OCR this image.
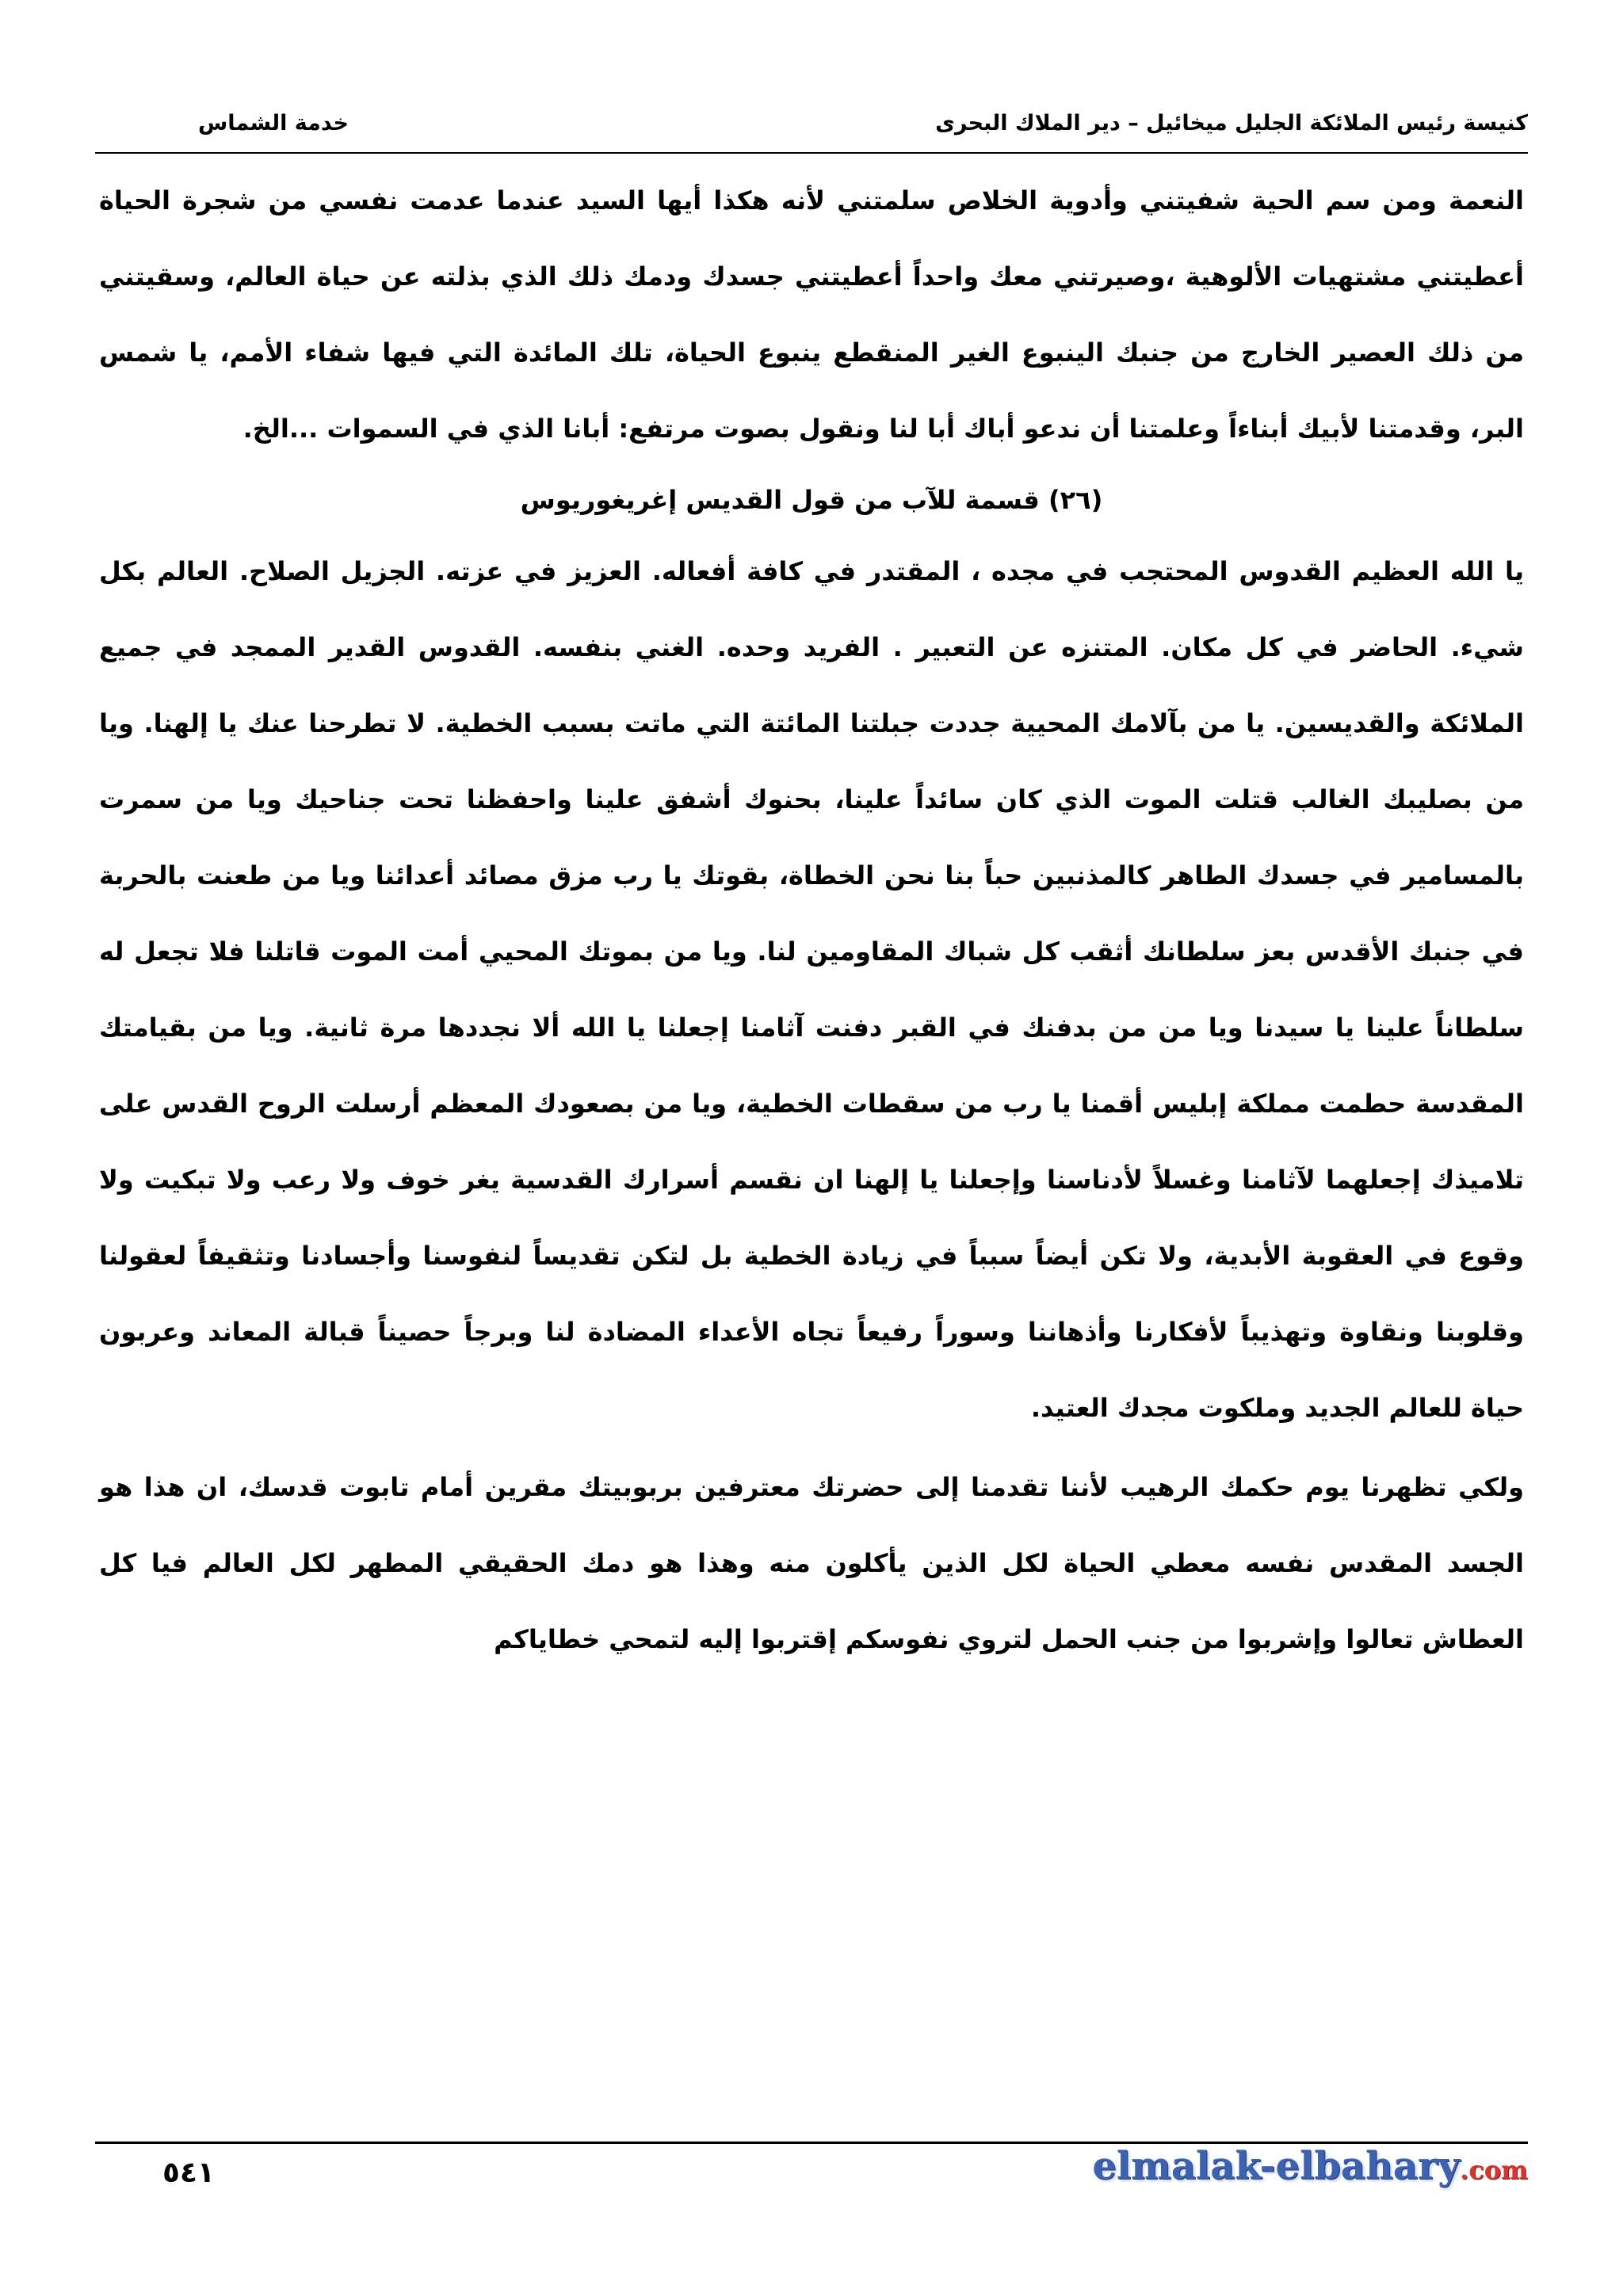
كنيسة رئيس الملائكة الجليل ميخائيل – دير الملاك البحرى
خدمة الشماس

النعمة ومن سم الحية شفيتني وأدوية الخلاص سلمتني لأنه هكذا أيها السيد عندما عدمت نفسي من شجرة الحياة أعطيتني مشتهيات الألوهية ،وصيرتني معك واحداً أعطيتني جسدك ودمك ذلك الذي بذلته عن حياة العالم، وسقيتني من ذلك العصير الخارج من جنبك الينبوع الغير المنقطع ينبوع الحياة، تلك المائدة التي فيها شفاء الأمم، يا شمس البر، وقدمتنا لأبيك أبناءاً وعلمتنا أن ندعو أباك أبا لنا ونقول بصوت مرتفع: أبانا الذي في السموات ...الخ.

(٢٦) قسمة للآب من قول القديس إغريغوريوس

يا الله العظيم القدوس المحتجب في مجده ، المقتدر في كافة أفعاله. العزيز في عزته. الجزيل الصلاح. العالم بكل شيء. الحاضر في كل مكان. المتنزه عن التعبير . الفريد وحده. الغني بنفسه. القدوس القدير الممجد في جميع الملائكة والقديسين. يا من بآلامك المحيية جددت جبلتنا المائتة التي ماتت بسبب الخطية. لا تطرحنا عنك يا إلهنا. ويا من بصليبك الغالب قتلت الموت الذي كان سائداً علينا، بحنوك أشفق علينا واحفظنا تحت جناحيك ويا من سمرت بالمسامير في جسدك الطاهر كالمذنبين حباً بنا نحن الخطاة، بقوتك يا رب مزق مصائد أعدائنا ويا من طعنت بالحربة في جنبك الأقدس بعز سلطانك أثقب كل شباك المقاومين لنا. ويا من بموتك المحيي أمت الموت قاتلنا فلا تجعل له سلطاناً علينا يا سيدنا ويا من من بدفنك في القبر دفنت آثامنا إجعلنا يا الله ألا نجددها مرة ثانية. ويا من بقيامتك المقدسة حطمت مملكة إبليس أقمنا يا رب من سقطات الخطية، ويا من بصعودك المعظم أرسلت الروح القدس على تلاميذك إجعلهما لآثامنا وغسلاً لأدناسنا وإجعلنا يا إلهنا ان نقسم أسرارك القدسية يغر خوف ولا رعب ولا تبكيت ولا وقوع في العقوبة الأبدية، ولا تكن أيضاً سبباً في زيادة الخطية بل لتكن تقديساً لنفوسنا وأجسادنا وتثقيفاً لعقولنا وقلوبنا ونقاوة وتهذيباً لأفكارنا وأذهاننا وسوراً رفيعاً تجاه الأعداء المضادة لنا وبرجاً حصيناً قبالة المعاند وعربون حياة للعالم الجديد وملكوت مجدك العتيد.

ولكي تظهرنا يوم حكمك الرهيب لأننا تقدمنا إلى حضرتك معترفين بربوبيتك مقرين أمام تابوت قدسك، ان هذا هو الجسد المقدس نفسه معطي الحياة لكل الذين يأكلون منه وهذا هو دمك الحقيقي المطهر لكل العالم فيا كل العطاش تعالوا وإشربوا من جنب الحمل لتروي نفوسكم إقتربوا إليه لتمحي خطاياكم

٥٤١	elmalak-elbahary.com
